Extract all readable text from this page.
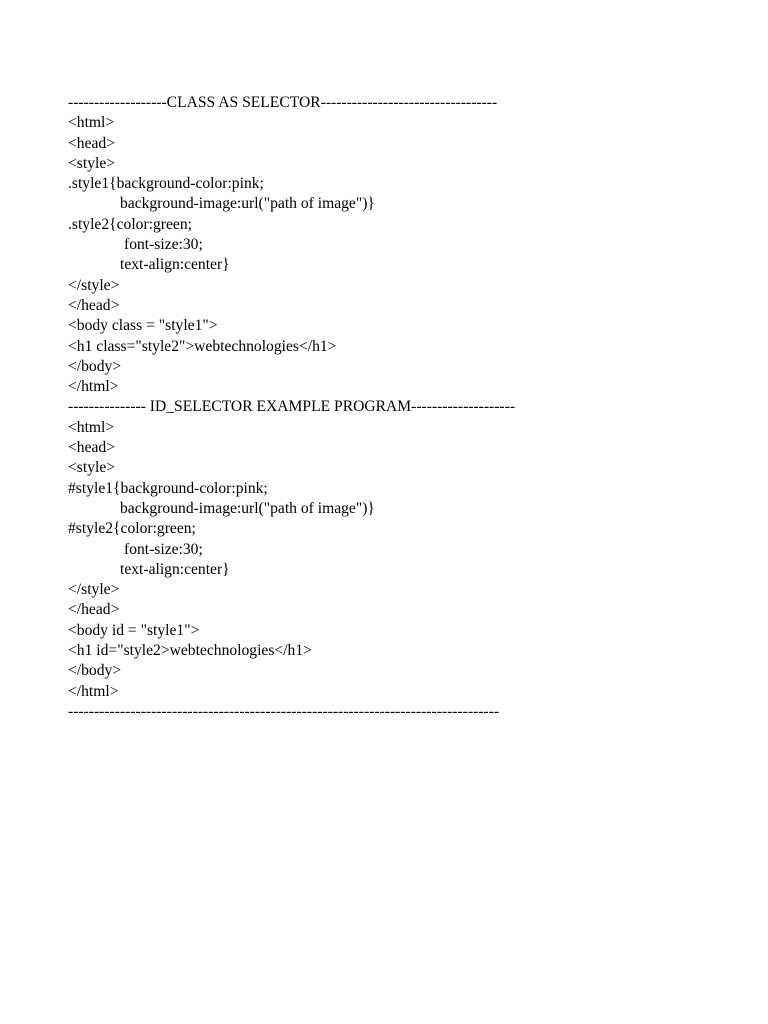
-------------------CLASS AS SELECTOR----------------------------------
<html>
<head>
<style>
.style1{background-color:pink;
background-image:url("path of image")}
.style2{color:green;
font-size:30;
text-align:center}
</style>
</head>
<body class = "style1">
<h1 class="style2">webtechnologies</h1>
</body>
</html>
--------------- ID_SELECTOR EXAMPLE PROGRAM--------------------
<html>
<head>
<style>
#style1{background-color:pink;
background-image:url("path of image")}
#style2{color:green;
font-size:30;
text-align:center}
</style>
</head>
<body id = "style1">
<h1 id="style2>webtechnologies</h1>
</body>
</html>
-----------------------------------------------------------------------------------
